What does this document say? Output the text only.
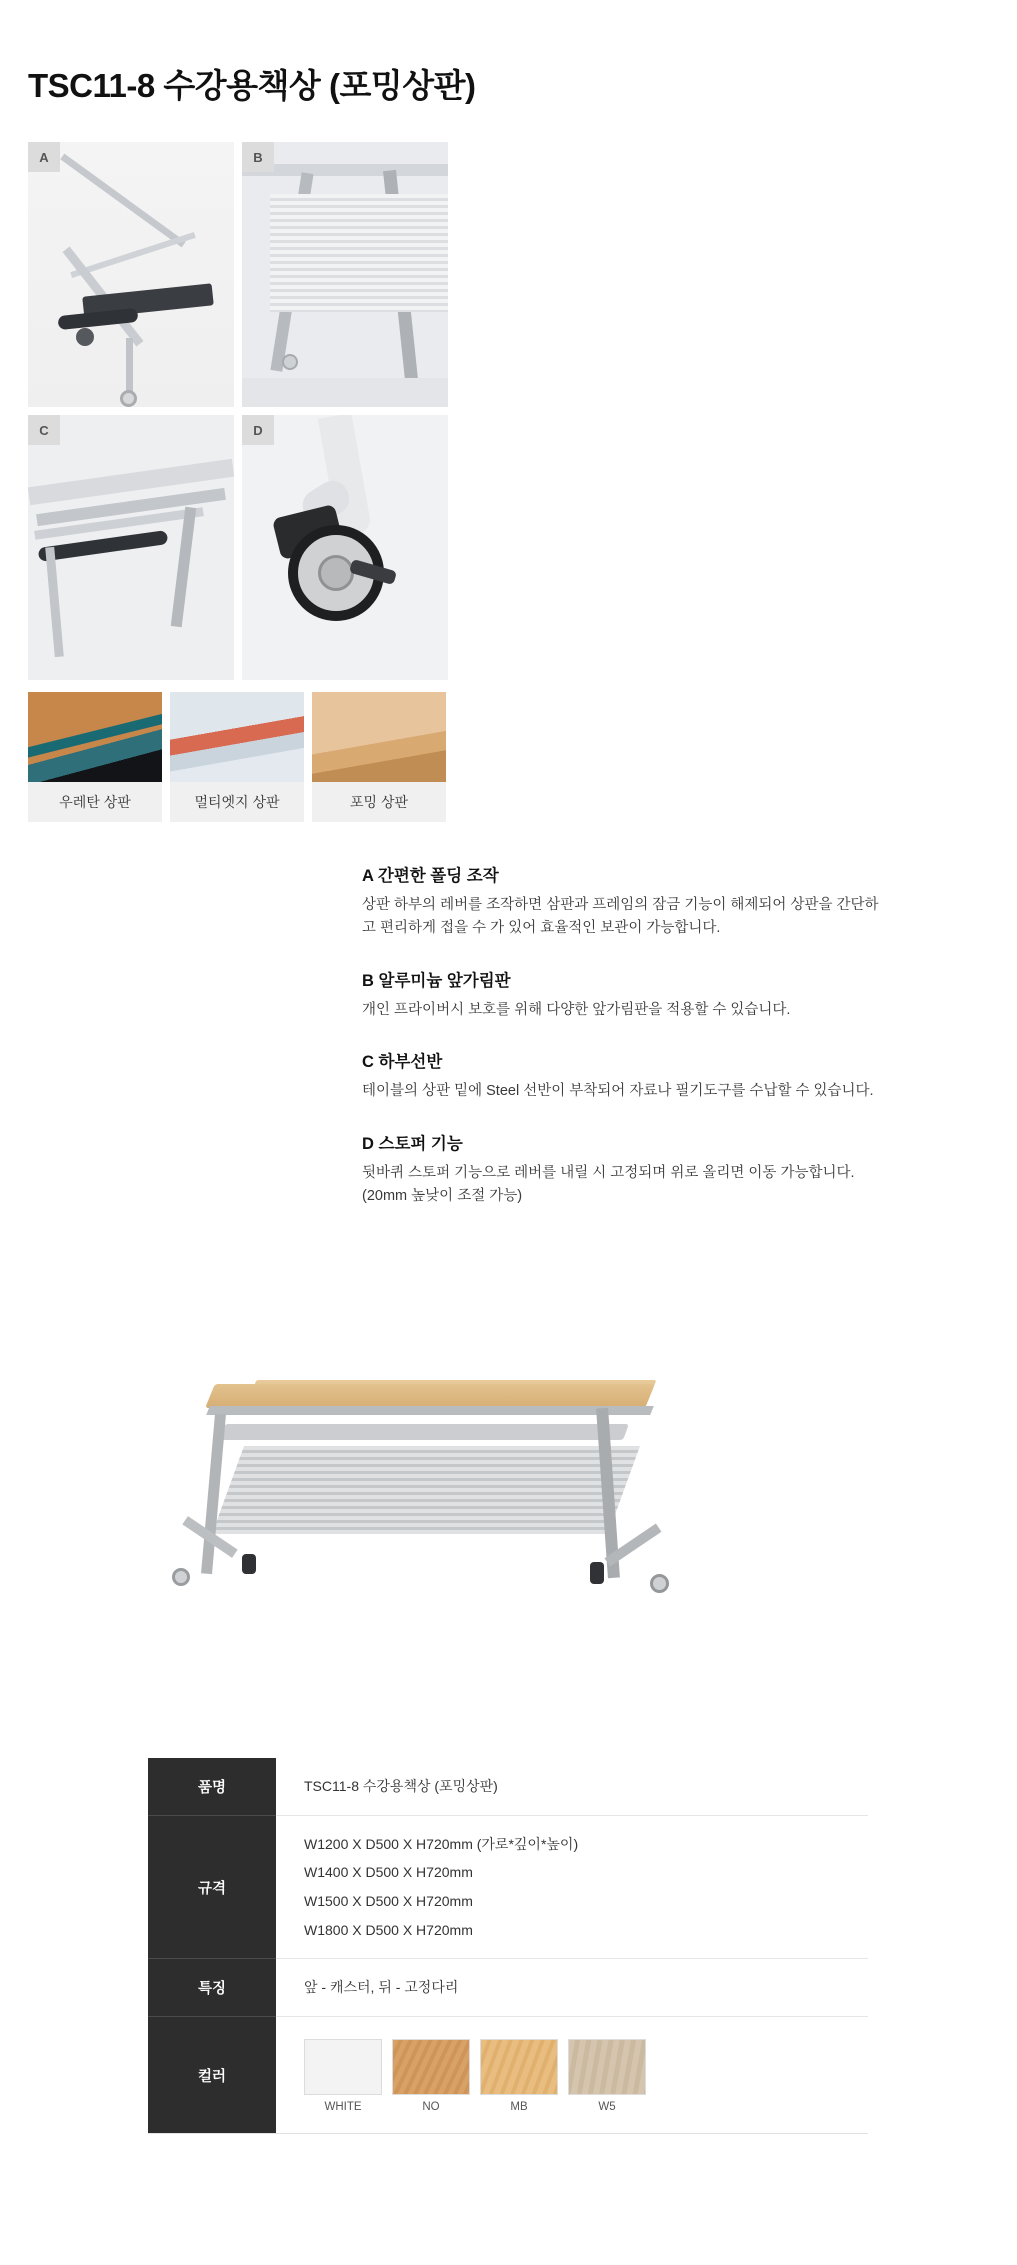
TSC11-8 수강용책상 (포밍상판)
A	B
C	D
우레탄 상판	멀티엣지 상판	포밍 상판
A 간편한 폴딩 조작

상판 하부의 레버를 조작하면 삼판과 프레임의 잠금 기능이 해제되어 상판을 간단하고 편리하게 접을 수 가 있어 효율적인 보관이 가능합니다.

B 알루미늄 앞가림판

개인 프라이버시 보호를 위해 다양한 앞가림판을 적용할 수 있습니다.

C 하부선반

테이블의 상판 밑에 Steel 선반이 부착되어 자료나 필기도구를 수납할 수 있습니다.

D 스토퍼 기능

뒷바퀴 스토퍼 기능으로 레버를 내릴 시 고정되며 위로 올리면 이동 가능합니다. (20mm 높낮이 조절 가능)

품명	TSC11-8 수강용책상 (포밍상판)

규격	W1200 X D500 X H720mm (가로*깊이*높이)
W1400 X D500 X H720mm
W1500 X D500 X H720mm
W1800 X D500 X H720mm

특징	앞 - 캐스터, 뒤 - 고정다리

컬러	WHITE NO MB W5
